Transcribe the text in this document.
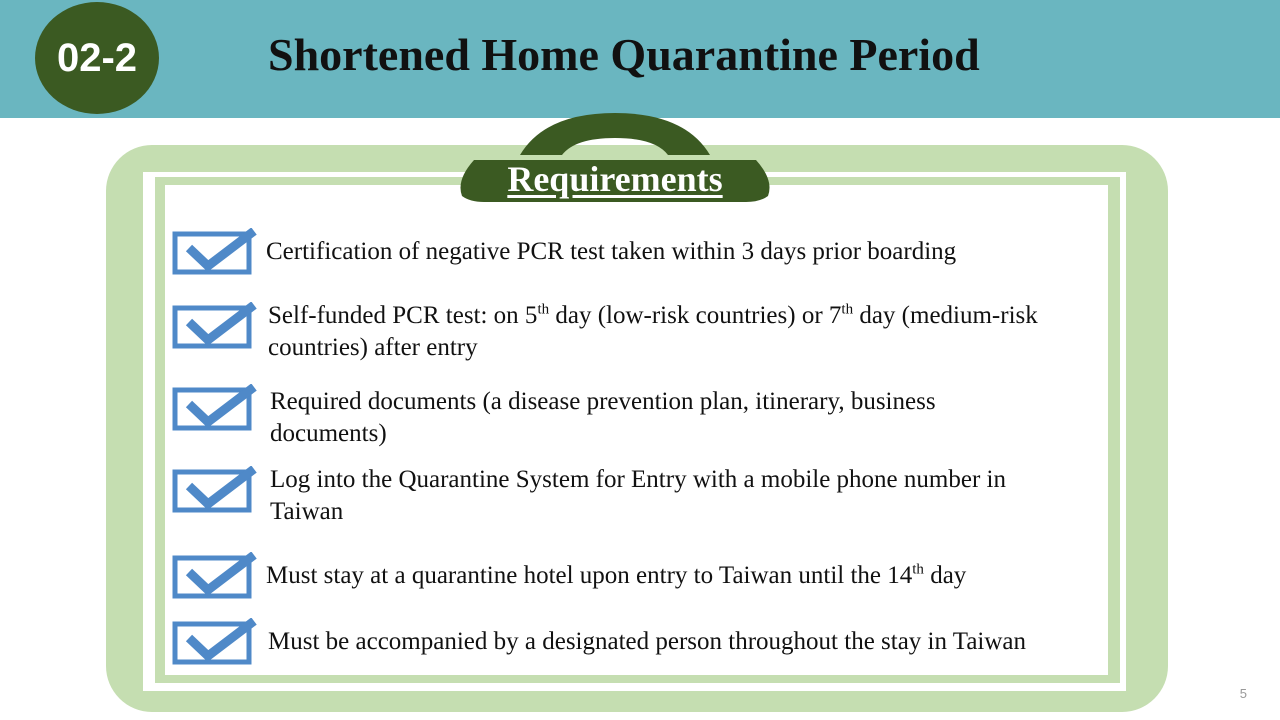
02-2	Shortened Home Quarantine Period
Requirements
Certification of negative PCR test taken within 3 days prior boarding
Self-funded PCR test: on 5th day (low-risk countries) or 7th day (medium-risk countries) after entry
Required documents (a disease prevention plan, itinerary, business documents)
Log into the Quarantine System for Entry with a mobile phone number in Taiwan
Must stay at a quarantine hotel upon entry to Taiwan until the 14th day
Must be accompanied by a designated person throughout the stay in Taiwan
5
